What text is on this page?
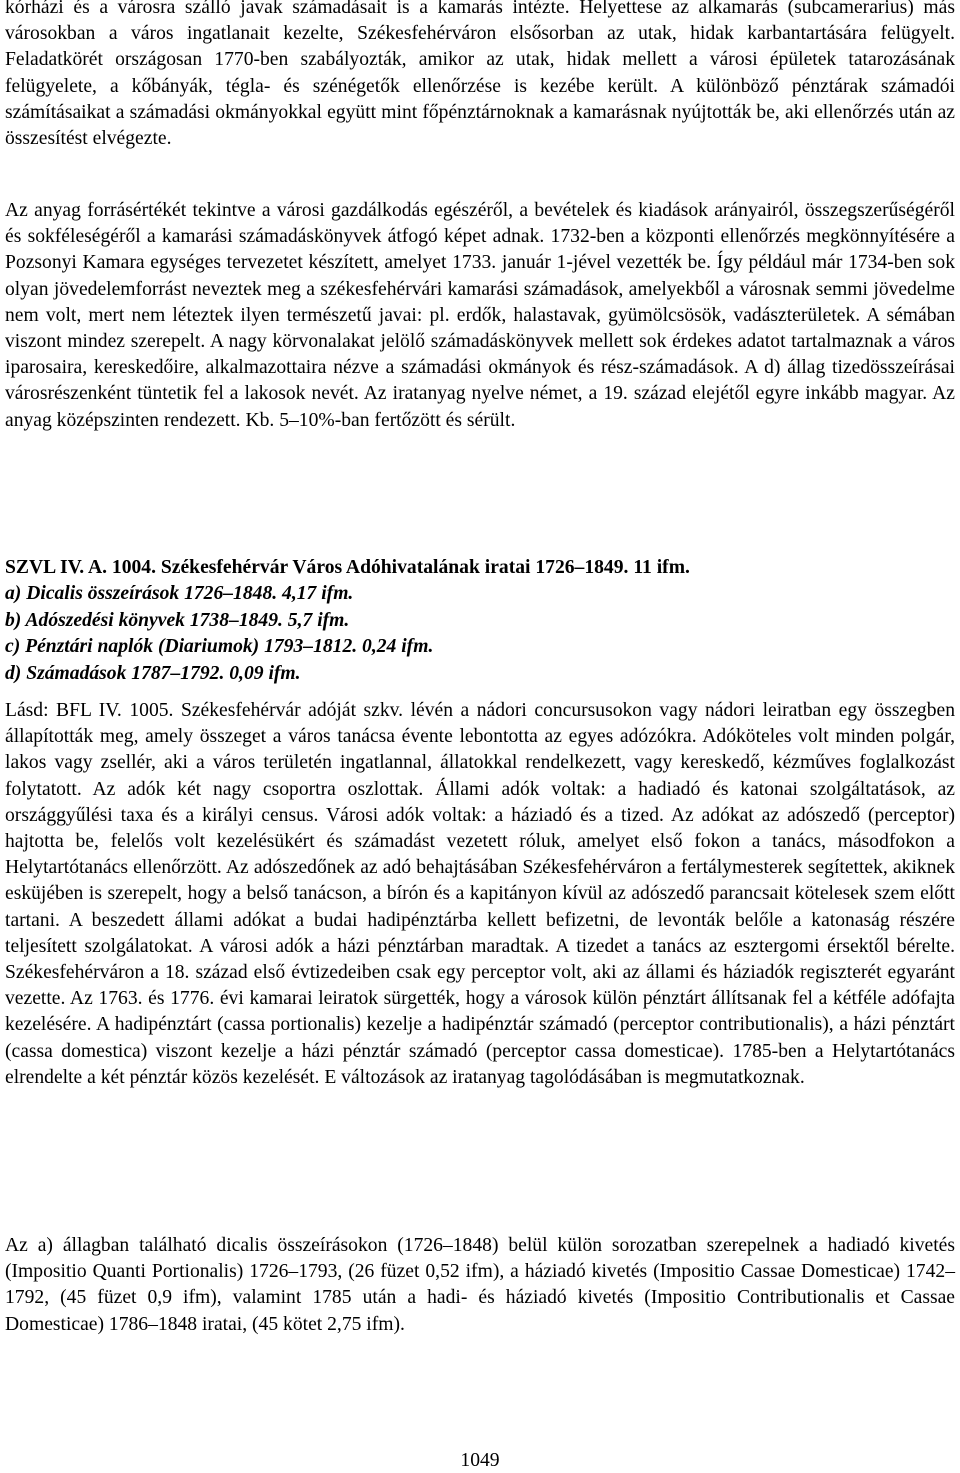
kórházi és a városra szálló javak számadásait is a kamarás intézte. Helyettese az alkamarás (subcamerarius) más városokban a város ingatlanait kezelte, Székesfehérváron elsősorban az utak, hidak karbantartására felügyelt. Feladatkörét országosan 1770-ben szabályozták, amikor az utak, hidak mellett a városi épületek tatarozásának felügyelete, a kőbányák, tégla- és szénégetők ellenőrzése is kezébe került. A különböző pénztárak számadói számításaikat a számadási okmányokkal együtt mint főpénztárnoknak a kamarásnak nyújtották be, aki ellenőrzés után az összesítést elvégezte.

Az anyag forrásértékét tekintve a városi gazdálkodás egészéről, a bevételek és kiadások arányairól, összegszerűségéről és sokféleségéről a kamarási számadáskönyvek átfogó képet adnak. 1732-ben a központi ellenőrzés megkönnyítésére a Pozsonyi Kamara egységes tervezetet készített, amelyet 1733. január 1-jével vezették be. Így például már 1734-ben sok olyan jövedelemforrást neveztek meg a székesfehérvári kamarási számadások, amelyekből a városnak semmi jövedelme nem volt, mert nem léteztek ilyen természetű javai: pl. erdők, halastavak, gyümölcsösök, vadászterületek. A sémában viszont mindez szerepelt. A nagy körvonalakat jelölő számadáskönyvek mellett sok érdekes adatot tartalmaznak a város iparosaira, kereskedőire, alkalmazottaira nézve a számadási okmányok és rész-számadások. A d) állag tizedösszeírásai városrészenként tüntetik fel a lakosok nevét. Az iratanyag nyelve német, a 19. század elejétől egyre inkább magyar. Az anyag középszinten rendezett. Kb. 5–10%-ban fertőzött és sérült.

SZVL IV. A. 1004. Székesfehérvár Város Adóhivatalának iratai 1726–1849. 11 ifm.
a) Dicalis összeírások 1726–1848. 4,17 ifm.
b) Adószedési könyvek 1738–1849. 5,7 ifm.
c) Pénztári naplók (Diariumok) 1793–1812. 0,24 ifm.
d) Számadások 1787–1792. 0,09 ifm.

Lásd: BFL IV. 1005. Székesfehérvár adóját szkv. lévén a nádori concursusokon vagy nádori leiratban egy összegben állapították meg, amely összeget a város tanácsa évente lebontotta az egyes adózókra. Adóköteles volt minden polgár, lakos vagy zsellér, aki a város területén ingatlannal, állatokkal rendelkezett, vagy kereskedő, kézműves foglalkozást folytatott. Az adók két nagy csoportra oszlottak. Állami adók voltak: a hadiadó és katonai szolgáltatások, az országgyűlési taxa és a királyi census. Városi adók voltak: a háziadó és a tized. Az adókat az adószedő (perceptor) hajtotta be, felelős volt kezelésükért és számadást vezetett róluk, amelyet első fokon a tanács, másodfokon a Helytartótanács ellenőrzött. Az adószedőnek az adó behajtásában Székesfehérváron a fertálymesterek segítettek, akiknek esküjében is szerepelt, hogy a belső tanácson, a bírón és a kapitányon kívül az adószedő parancsait kötelesek szem előtt tartani. A beszedett állami adókat a budai hadipénztárba kellett befizetni, de levonták belőle a katonaság részére teljesített szolgálatokat. A városi adók a házi pénztárban maradtak. A tizedet a tanács az esztergomi érsektől bérelte. Székesfehérváron a 18. század első évtizedeiben csak egy perceptor volt, aki az állami és háziadók regiszterét egyaránt vezette. Az 1763. és 1776. évi kamarai leiratok sürgették, hogy a városok külön pénztárt állítsanak fel a kétféle adófajta kezelésére. A hadipénztárt (cassa portionalis) kezelje a hadipénztár számadó (perceptor contributionalis), a házi pénztárt (cassa domestica) viszont kezelje a házi pénztár számadó (perceptor cassa domesticae). 1785-ben a Helytartótanács elrendelte a két pénztár közös kezelését. E változások az iratanyag tagolódásában is megmutatkoznak.

Az a) állagban található dicalis összeírásokon (1726–1848) belül külön sorozatban szerepelnek a hadiadó kivetés (Impositio Quanti Portionalis) 1726–1793, (26 füzet 0,52 ifm), a háziadó kivetés (Impositio Cassae Domesticae) 1742–1792, (45 füzet 0,9 ifm), valamint 1785 után a hadi- és háziadó kivetés (Impositio Contributionalis et Cassae Domesticae) 1786–1848 iratai, (45 kötet 2,75 ifm).

1049
